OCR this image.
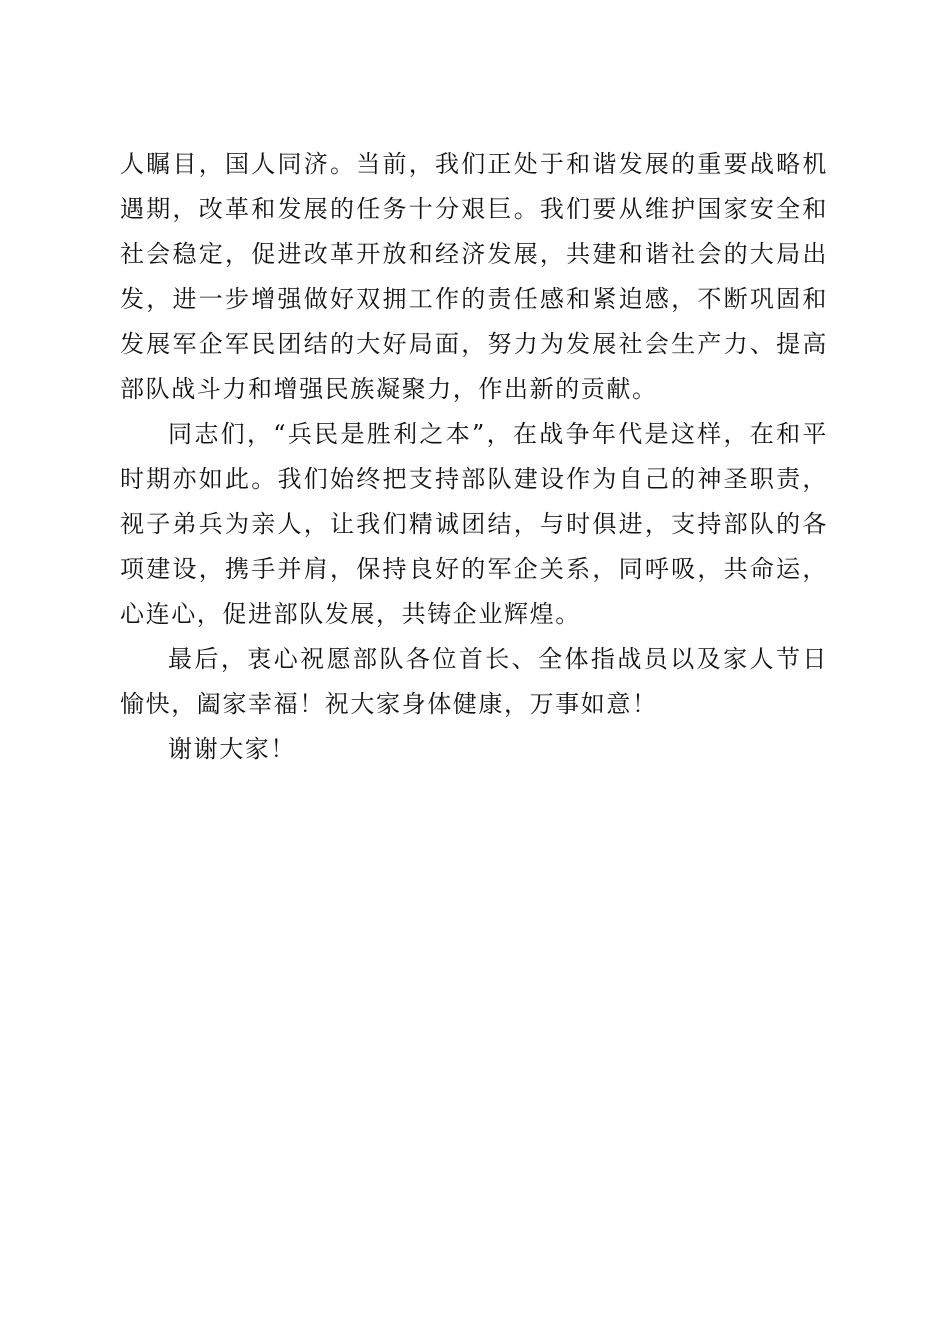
人瞩目，国人同济。当前，我们正处于和谐发展的重要战略机遇期，改革和发展的任务十分艰巨。我们要从维护国家安全和社会稳定，促进改革开放和经济发展，共建和谐社会的大局出发，进一步增强做好双拥工作的责任感和紧迫感，不断巩固和发展军企军民团结的大好局面，努力为发展社会生产力、提高部队战斗力和增强民族凝聚力，作出新的贡献。

同志们，“兵民是胜利之本”，在战争年代是这样，在和平时期亦如此。我们始终把支持部队建设作为自己的神圣职责，视子弟兵为亲人，让我们精诚团结，与时俱进，支持部队的各项建设，携手并肩，保持良好的军企关系，同呼吸，共命运，心连心，促进部队发展，共铸企业辉煌。

最后，衷心祝愿部队各位首长、全体指战员以及家人节日愉快，阖家幸福！祝大家身体健康，万事如意！

谢谢大家！
